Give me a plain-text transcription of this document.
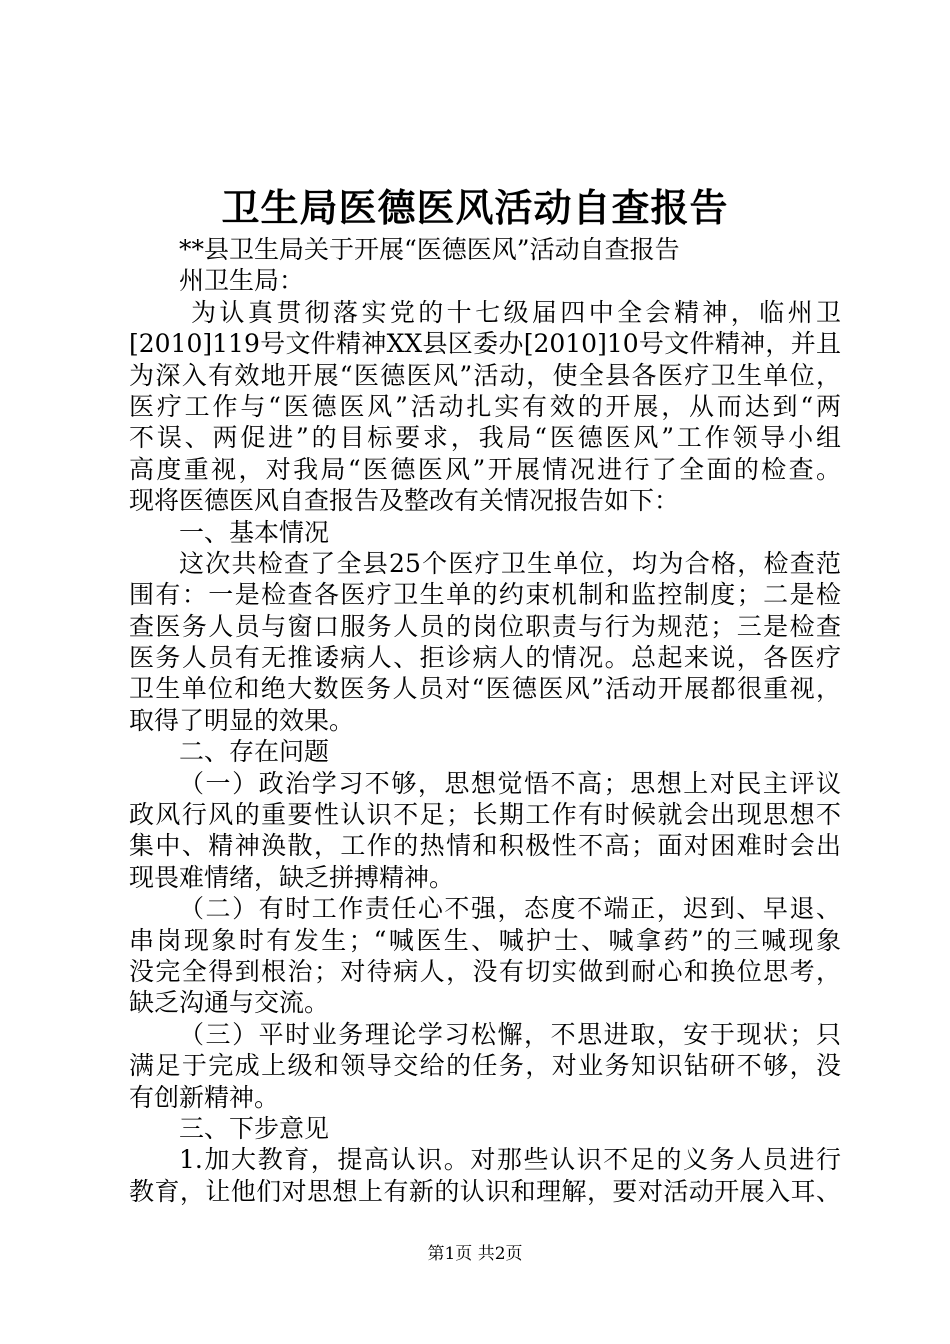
卫生局医德医风活动自查报告
**县卫生局关于开展“医德医风”活动自查报告
州卫生局：
为认真贯彻落实党的十七级届四中全会精神，临州卫
[2010]119号文件精神XX县区委办[2010]10号文件精神，并且
为深入有效地开展“医德医风”活动，使全县各医疗卫生单位，
医疗工作与“医德医风”活动扎实有效的开展，从而达到“两
不误、两促进”的目标要求，我局“医德医风”工作领导小组
高度重视，对我局“医德医风”开展情况进行了全面的检查。
现将医德医风自查报告及整改有关情况报告如下：
一、基本情况
这次共检查了全县25个医疗卫生单位，均为合格，检查范
围有：一是检查各医疗卫生单的约束机制和监控制度；二是检
查医务人员与窗口服务人员的岗位职责与行为规范；三是检查
医务人员有无推诿病人、拒诊病人的情况。总起来说，各医疗
卫生单位和绝大数医务人员对“医德医风”活动开展都很重视，
取得了明显的效果。
二、存在问题
（一）政治学习不够，思想觉悟不高；思想上对民主评议
政风行风的重要性认识不足；长期工作有时候就会出现思想不
集中、精神涣散，工作的热情和积极性不高；面对困难时会出
现畏难情绪，缺乏拼搏精神。
（二）有时工作责任心不强，态度不端正，迟到、早退、
串岗现象时有发生；“喊医生、喊护士、喊拿药”的三喊现象
没完全得到根治；对待病人，没有切实做到耐心和换位思考，
缺乏沟通与交流。
（三）平时业务理论学习松懈，不思进取，安于现状；只
满足于完成上级和领导交给的任务，对业务知识钻研不够，没
有创新精神。
三、下步意见
1.加大教育，提高认识。对那些认识不足的义务人员进行
教育，让他们对思想上有新的认识和理解，要对活动开展入耳、
第1页 共2页
